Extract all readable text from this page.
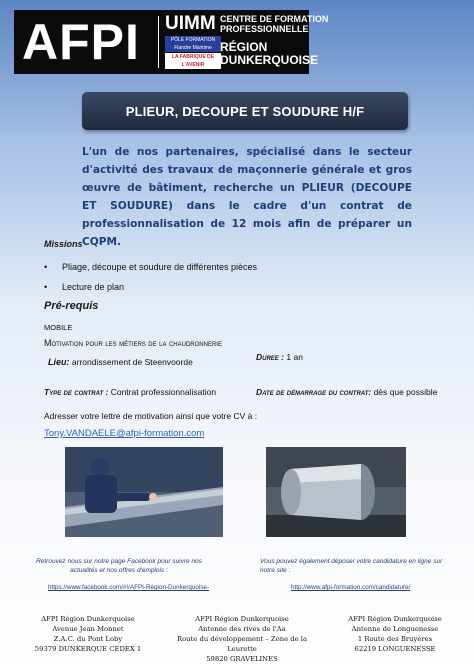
AFPI UIMM
PÔLE FORMATION Flandre Maritime
LA FABRIQUE DE L'AVENIR
CENTRE DE FORMATION
PROFESSIONNELLE
RÉGION
DUNKERQUOISE
PLIEUR, DECOUPE ET SOUDURE H/F
L'un de nos partenaires, spécialisé dans le secteur d'activité des travaux de maçonnerie générale et gros œuvre de bâtiment, recherche un PLIEUR (DECOUPE ET SOUDURE) dans le cadre d'un contrat de professionnalisation de 12 mois afin de préparer un CQPM.
Missions
• Pliage, découpe et soudure de différentes pièces
• Lecture de plan
Pré-requis
MOBILE
Motivation pour les métiers de la chaudronnerie
Lieu: arrondissement de Steenvoorde	Duree : 1 an
Type de contrat : Contrat professionnalisation	Date de démarrage du contrat: dès que possible
Adresser votre lettre de motivation ainsi que votre CV à :
Tony.VANDAELE@afpi-formation.com
Retrouvez nous sur notre page Facebook pour suivre nos actualités et nos offres d'emplois :
https://www.facebook.com/#!/AFPI-Région-Dunkerquoise-
Vous pouvez également déposer votre candidature en ligne sur notre site :
http://www.afpi-formation.com/candidature/
AFPI Région Dunkerquoise
Avenue Jean Monnet
Z.A.C. du Pont Loby
59379 DUNKERQUE CEDEX 1
AFPI Région Dunkerquoise
Antenne des rives de l'Aa
Route du développement – Zone de la Leurette
59820 GRAVELINES
AFPI Région Dunkerquoise
Antenne de Longuenesse
1 Route des Bruyères
62219 LONGUENESSE
